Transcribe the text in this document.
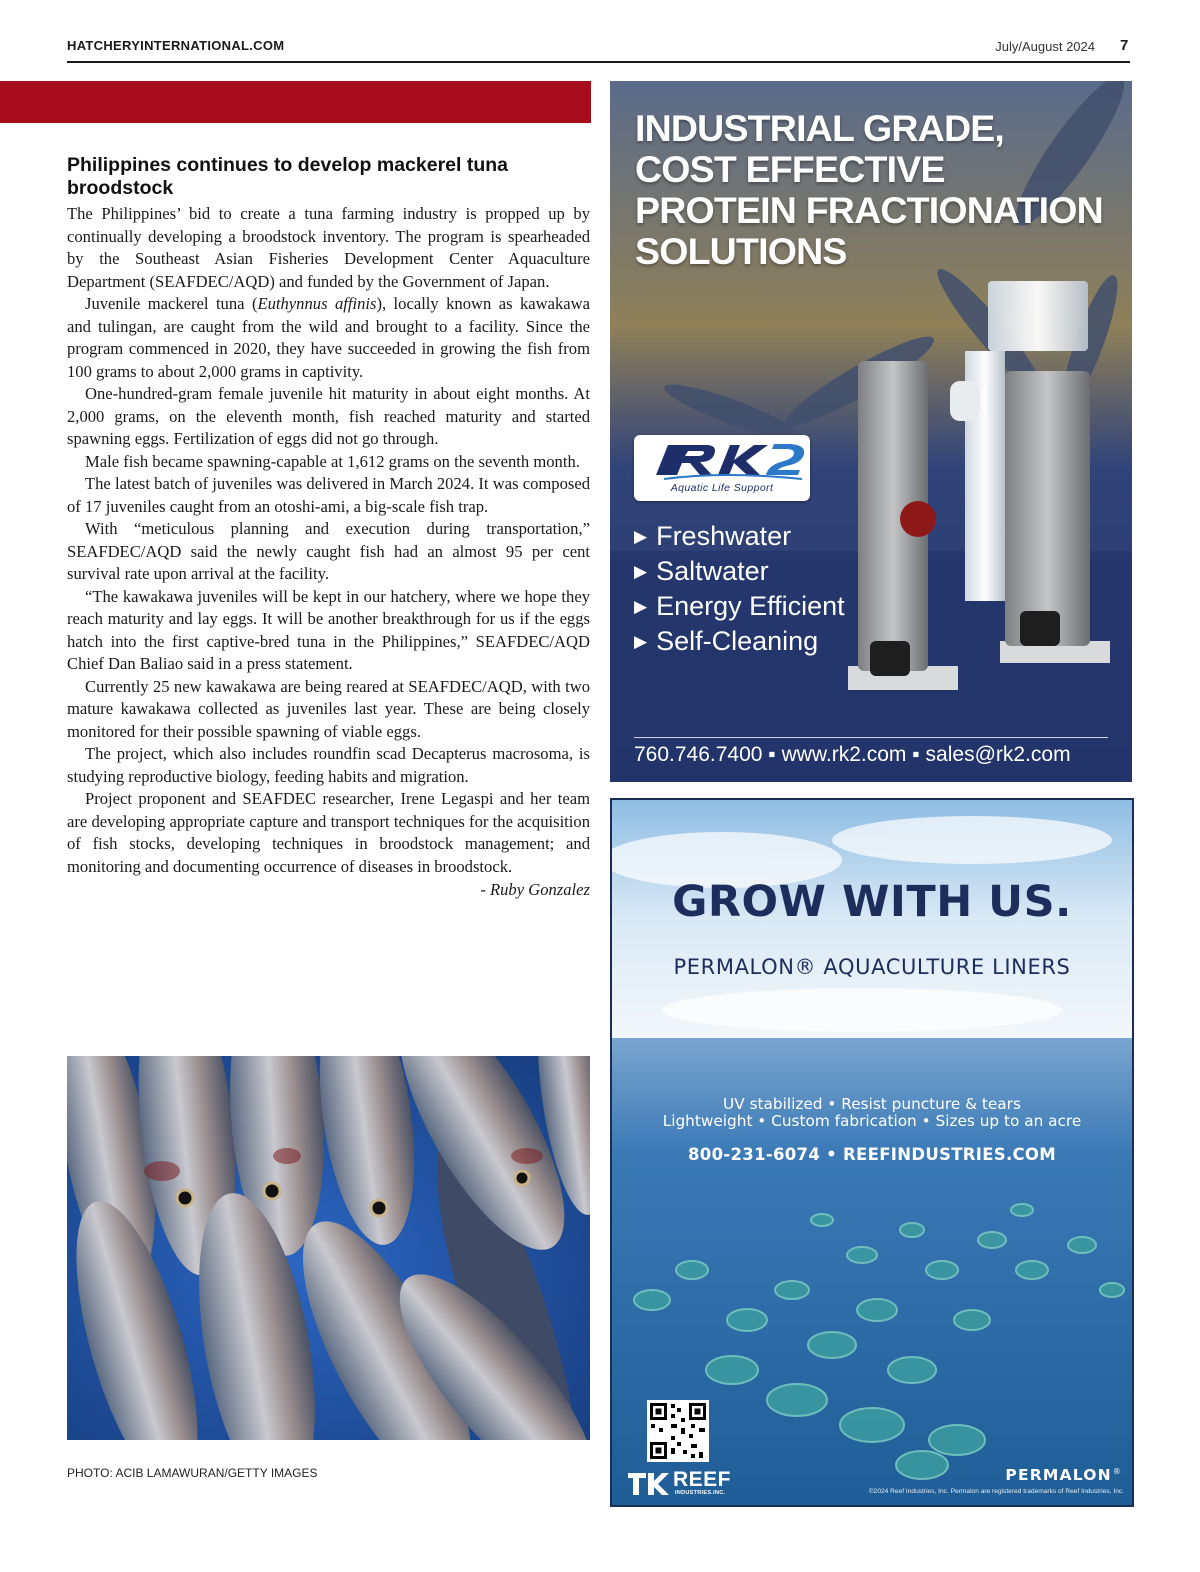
HATCHERYINTERNATIONAL.COM	July/August 2024 7
Philippines continues to develop mackerel tuna broodstock

The Philippines’ bid to create a tuna farming industry is propped up by continually developing a broodstock inventory. The program is spearheaded by the Southeast Asian Fisheries Development Center Aquaculture Department (SEAFDEC/AQD) and funded by the Government of Japan.

Juvenile mackerel tuna (Euthynnus affinis), locally known as kawakawa and tulingan, are caught from the wild and brought to a facility. Since the program commenced in 2020, they have succeeded in growing the fish from 100 grams to about 2,000 grams in captivity.

One-hundred-gram female juvenile hit maturity in about eight months. At 2,000 grams, on the eleventh month, fish reached maturity and started spawning eggs. Fertilization of eggs did not go through.

Male fish became spawning-capable at 1,612 grams on the seventh month.

The latest batch of juveniles was delivered in March 2024. It was composed of 17 juveniles caught from an otoshi-ami, a big-scale fish trap.

With “meticulous planning and execution during transportation,” SEAFDEC/AQD said the newly caught fish had an almost 95 per cent survival rate upon arrival at the facility.

“The kawakawa juveniles will be kept in our hatchery, where we hope they reach maturity and lay eggs. It will be another breakthrough for us if the eggs hatch into the first captive-bred tuna in the Philippines,” SEAFDEC/AQD Chief Dan Baliao said in a press statement.

Currently 25 new kawakawa are being reared at SEAFDEC/AQD, with two mature kawakawa collected as juveniles last year. These are being closely monitored for their possible spawning of viable eggs.

The project, which also includes roundfin scad Decapterus macrosoma, is studying reproductive biology, feeding habits and migration.

Project proponent and SEAFDEC researcher, Irene Legaspi and her team are developing appropriate capture and transport techniques for the acquisition of fish stocks, developing techniques in broodstock management; and monitoring and documenting occurrence of diseases in broodstock.

- Ruby Gonzalez
PHOTO: ACIB LAMAWURAN/GETTY IMAGES
INDUSTRIAL GRADE,
COST EFFECTIVE
PROTEIN FRACTIONATION
SOLUTIONS
Aquatic Life Support
▶ Freshwater
▶ Saltwater
▶ Energy Efficient
▶ Self-Cleaning
760.746.7400 ▪ www.rk2.com ▪ sales@rk2.com
GROW WITH US.
PERMALON® AQUACULTURE LINERS
UV stabilized • Resist puncture & tears
Lightweight • Custom fabrication • Sizes up to an acre
800-231-6074 • REEFINDUSTRIES.COM
REEF
INDUSTRIES.INC.
PERMALON®
©2024 Reef Industries, Inc. Permalon are registered trademarks of Reef Industries, Inc.
